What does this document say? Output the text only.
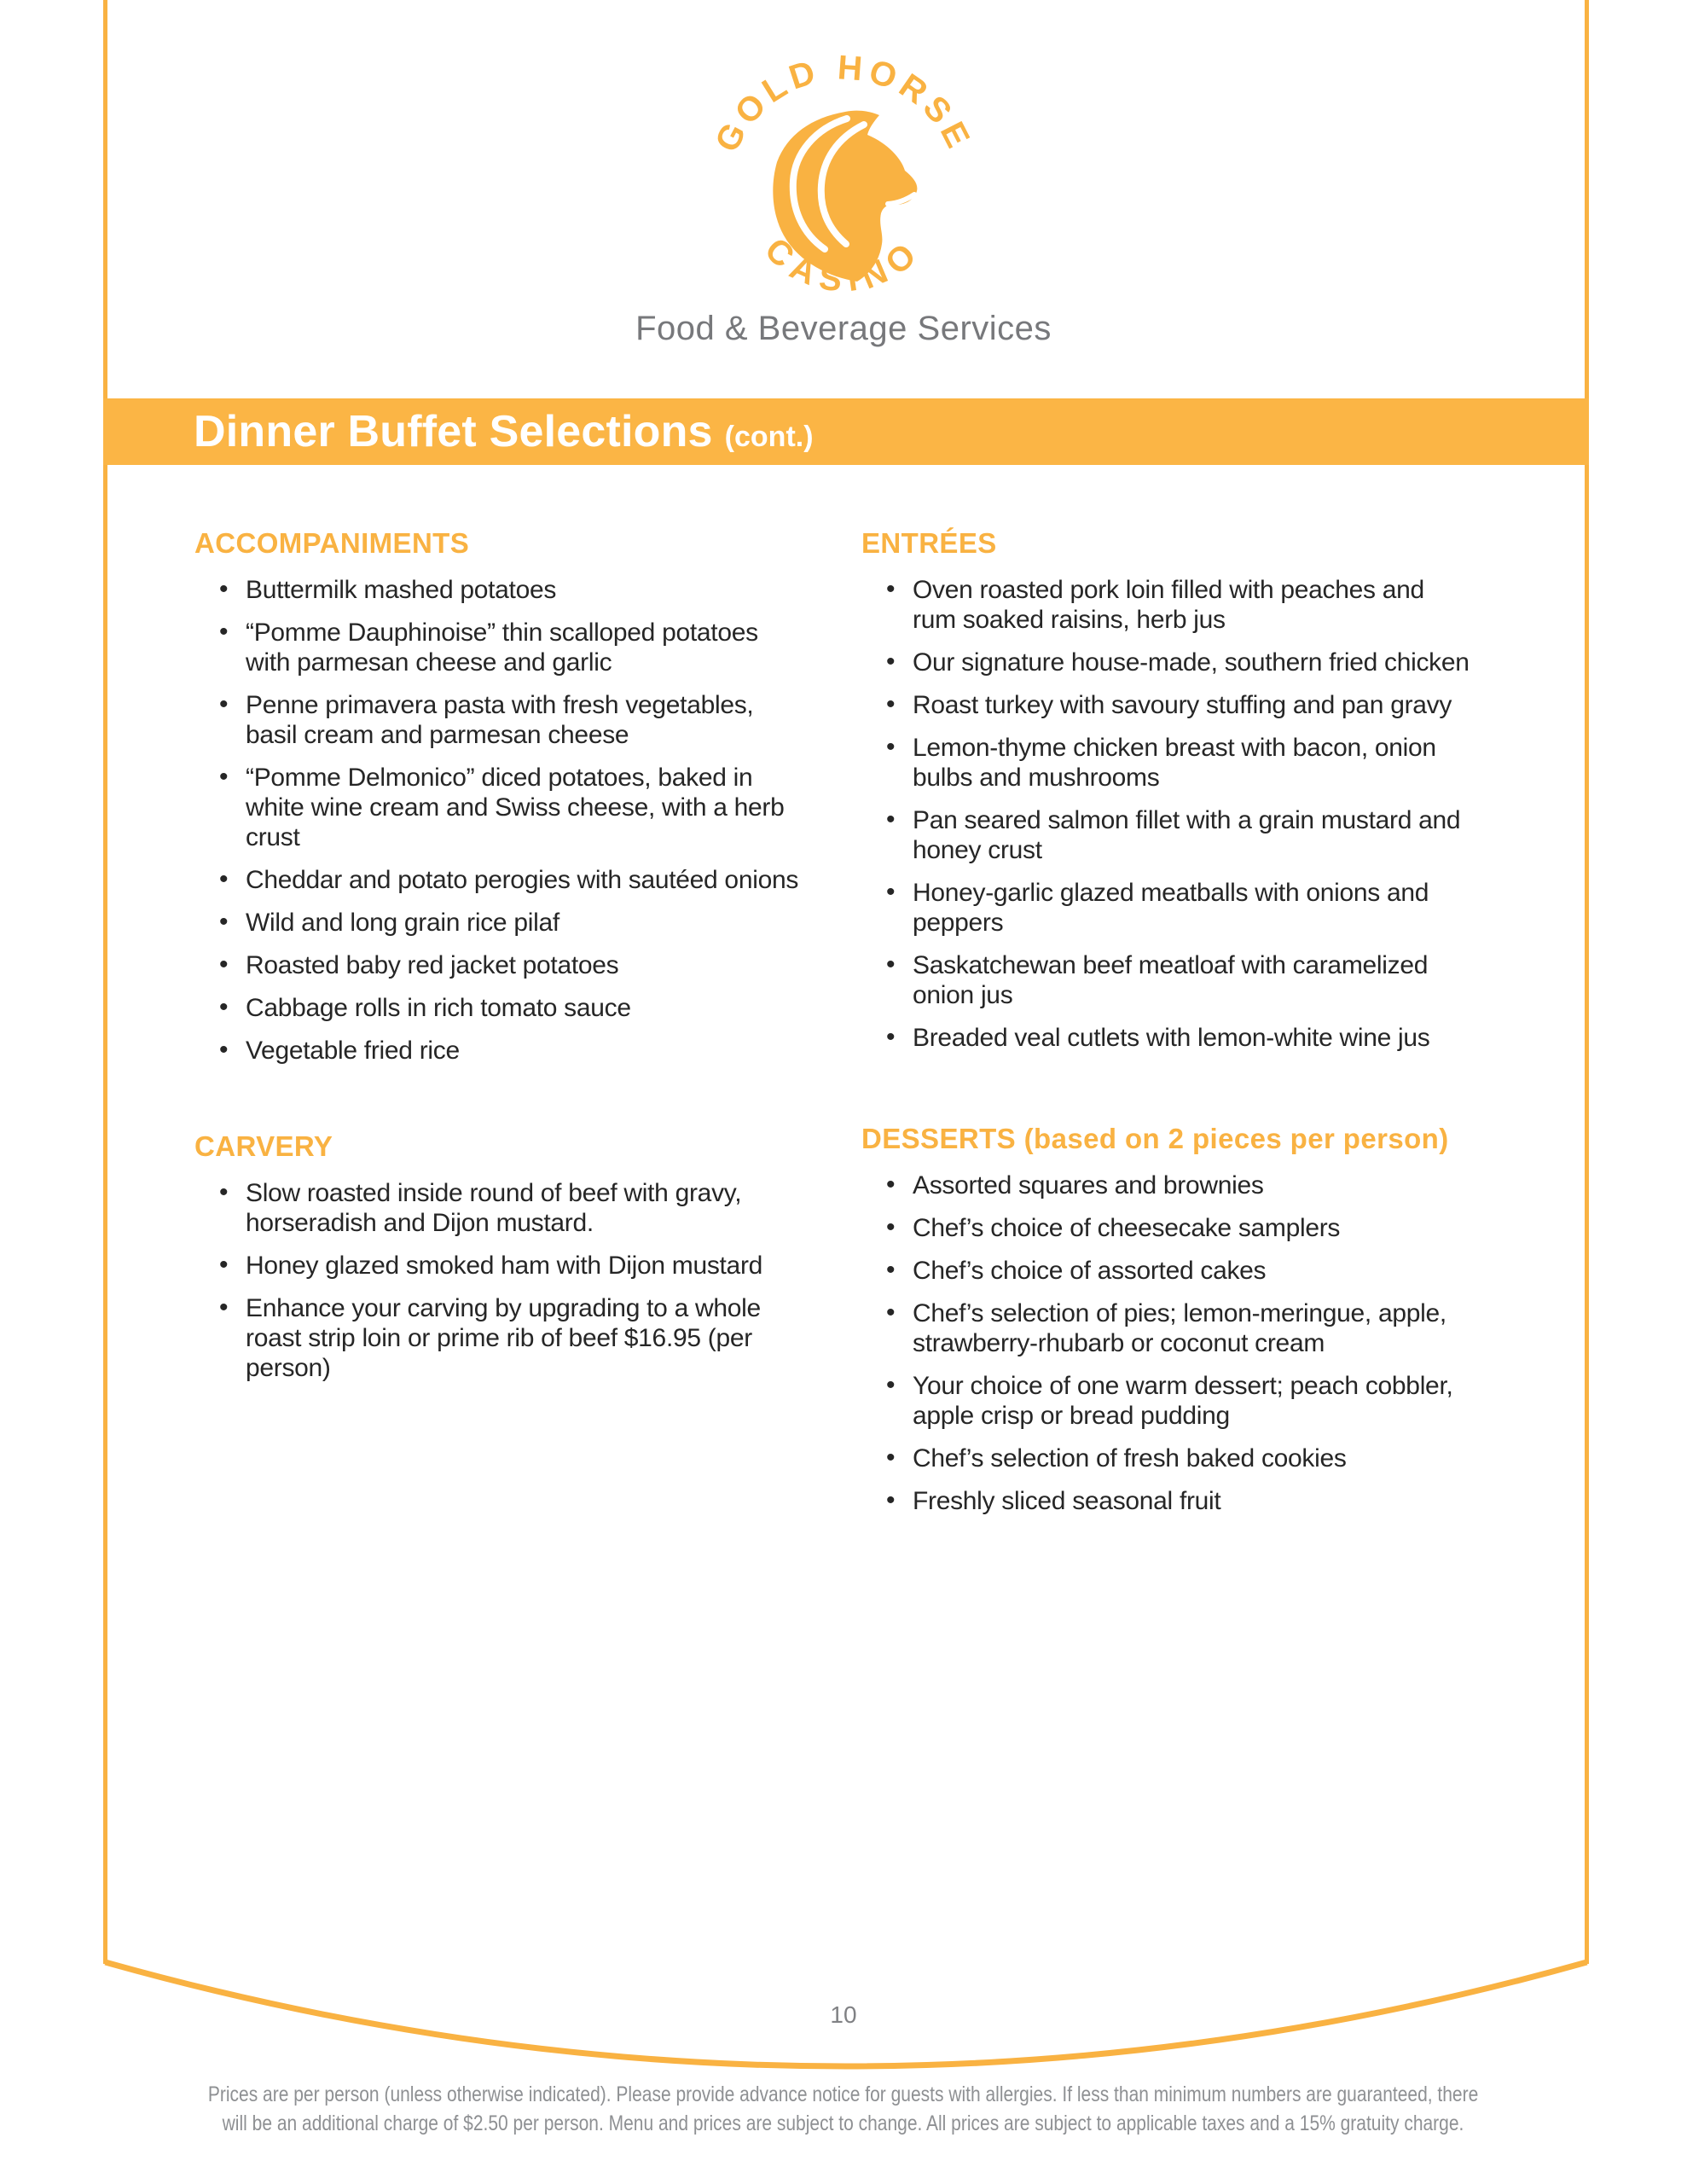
GOLD HORSE
CASINO
Food & Beverage Services
Dinner Buffet Selections (cont.)
ACCOMPANIMENTS
• Buttermilk mashed potatoes
• “Pomme Dauphinoise” thin scalloped potatoes with parmesan cheese and garlic
• Penne primavera pasta with fresh vegetables, basil cream and parmesan cheese
• “Pomme Delmonico” diced potatoes, baked in white wine cream and Swiss cheese, with a herb crust
• Cheddar and potato perogies with sautéed onions
• Wild and long grain rice pilaf
• Roasted baby red jacket potatoes
• Cabbage rolls in rich tomato sauce
• Vegetable fried rice
CARVERY
• Slow roasted inside round of beef with gravy, horseradish and Dijon mustard.
• Honey glazed smoked ham with Dijon mustard
• Enhance your carving by upgrading to a whole roast strip loin or prime rib of beef $16.95 (per person)
ENTRÉES
• Oven roasted pork loin filled with peaches and rum soaked raisins, herb jus
• Our signature house-made, southern fried chicken
• Roast turkey with savoury stuffing and pan gravy
• Lemon-thyme chicken breast with bacon, onion bulbs and mushrooms
• Pan seared salmon fillet with a grain mustard and honey crust
• Honey-garlic glazed meatballs with onions and peppers
• Saskatchewan beef meatloaf with caramelized onion jus
• Breaded veal cutlets with lemon-white wine jus
DESSERTS (based on 2 pieces per person)
• Assorted squares and brownies
• Chef’s choice of cheesecake samplers
• Chef’s choice of assorted cakes
• Chef’s selection of pies; lemon-meringue, apple, strawberry-rhubarb or coconut cream
• Your choice of one warm dessert; peach cobbler, apple crisp or bread pudding
• Chef’s selection of fresh baked cookies
• Freshly sliced seasonal fruit
10
Prices are per person (unless otherwise indicated). Please provide advance notice for guests with allergies. If less than minimum numbers are guaranteed, there
will be an additional charge of $2.50 per person. Menu and prices are subject to change. All prices are subject to applicable taxes and a 15% gratuity charge.
